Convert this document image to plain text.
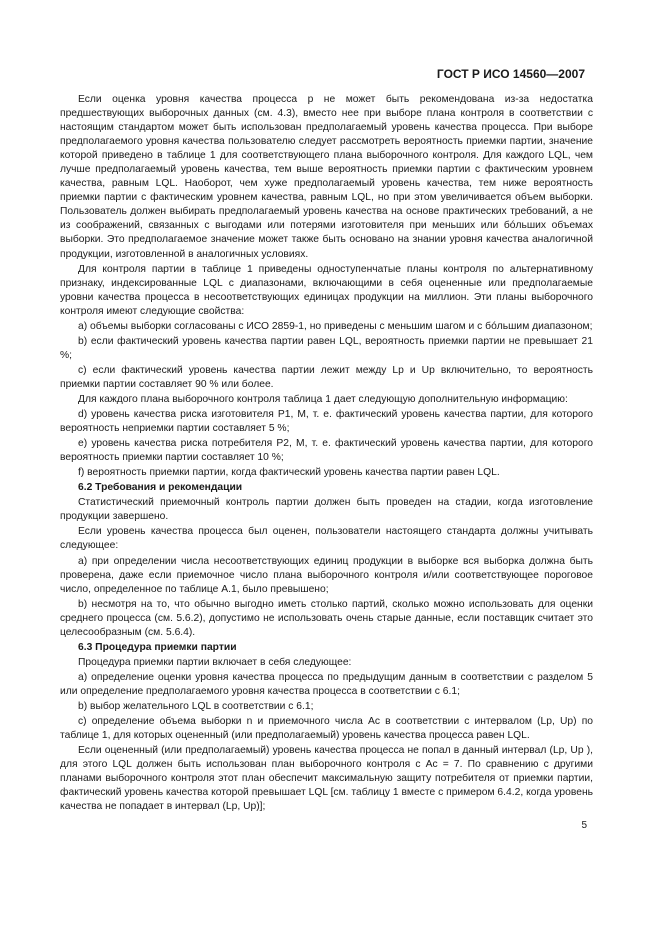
ГОСТ Р ИСО 14560—2007

Если оценка уровня качества процесса p не может быть рекомендована из-за недостатка предшествующих выборочных данных (см. 4.3), вместо нее при выборе плана контроля в соответствии с настоящим стандартом может быть использован предполагаемый уровень качества процесса. При выборе предполагаемого уровня качества пользователю следует рассмотреть вероятность приемки партии, значение которой приведено в таблице 1 для соответствующего плана выборочного контроля. Для каждого LQL, чем лучше предполагаемый уровень качества, тем выше вероятность приемки партии с фактическим уровнем качества, равным LQL. Наоборот, чем хуже предполагаемый уровень качества, тем ниже вероятность приемки партии с фактическим уровнем качества, равным LQL, но при этом увеличивается объем выборки. Пользователь должен выбирать предполагаемый уровень качества на основе практических требований, а не из соображений, связанных с выгодами или потерями изготовителя при меньших или бóльших объемах выборки. Это предполагаемое значение может также быть основано на знании уровня качества аналогичной продукции, изготовленной в аналогичных условиях.

Для контроля партии в таблице 1 приведены одноступенчатые планы контроля по альтернативному признаку, индексированные LQL с диапазонами, включающими в себя оцененные или предполагаемые уровни качества процесса в несоответствующих единицах продукции на миллион. Эти планы выборочного контроля имеют следующие свойства:

a) объемы выборки согласованы с ИСО 2859-1, но приведены с меньшим шагом и с бóльшим диапазоном;

b) если фактический уровень качества партии равен LQL, вероятность приемки партии не превышает 21 %;

c) если фактический уровень качества партии лежит между Lp и Up включительно, то вероятность приемки партии составляет 90 % или более.

Для каждого плана выборочного контроля таблица 1 дает следующую дополнительную информацию:

d) уровень качества риска изготовителя P1, M, т. е. фактический уровень качества партии, для которого вероятность неприемки партии составляет 5 %;

e) уровень качества риска потребителя P2, M, т. е. фактический уровень качества партии, для которого вероятность приемки партии составляет 10 %;

f) вероятность приемки партии, когда фактический уровень качества партии равен LQL.

6.2 Требования и рекомендации

Статистический приемочный контроль партии должен быть проведен на стадии, когда изготовление продукции завершено.

Если уровень качества процесса был оценен, пользователи настоящего стандарта должны учитывать следующее:

a) при определении числа несоответствующих единиц продукции в выборке вся выборка должна быть проверена, даже если приемочное число плана выборочного контроля и/или соответствующее пороговое число, определенное по таблице А.1, было превышено;

b) несмотря на то, что обычно выгодно иметь столько партий, сколько можно использовать для оценки среднего процесса (см. 5.6.2), допустимо не использовать очень старые данные, если поставщик считает это целесообразным (см. 5.6.4).

6.3 Процедура приемки партии

Процедура приемки партии включает в себя следующее:

a) определение оценки уровня качества процесса по предыдущим данным в соответствии с разделом 5 или определение предполагаемого уровня качества процесса в соответствии с 6.1;

b) выбор желательного LQL в соответствии с 6.1;

c) определение объема выборки n и приемочного числа Ac в соответствии с интервалом (Lp, Up) по таблице 1, для которых оцененный (или предполагаемый) уровень качества процесса равен LQL.

Если оцененный (или предполагаемый) уровень качества процесса не попал в данный интервал (Lp, Up ), для этого LQL должен быть использован план выборочного контроля с Ac = 7. По сравнению с другими планами выборочного контроля этот план обеспечит максимальную защиту потребителя от приемки партии, фактический уровень качества которой превышает LQL [см. таблицу 1 вместе с примером 6.4.2, когда уровень качества не попадает в интервал (Lp, Up)];

5
